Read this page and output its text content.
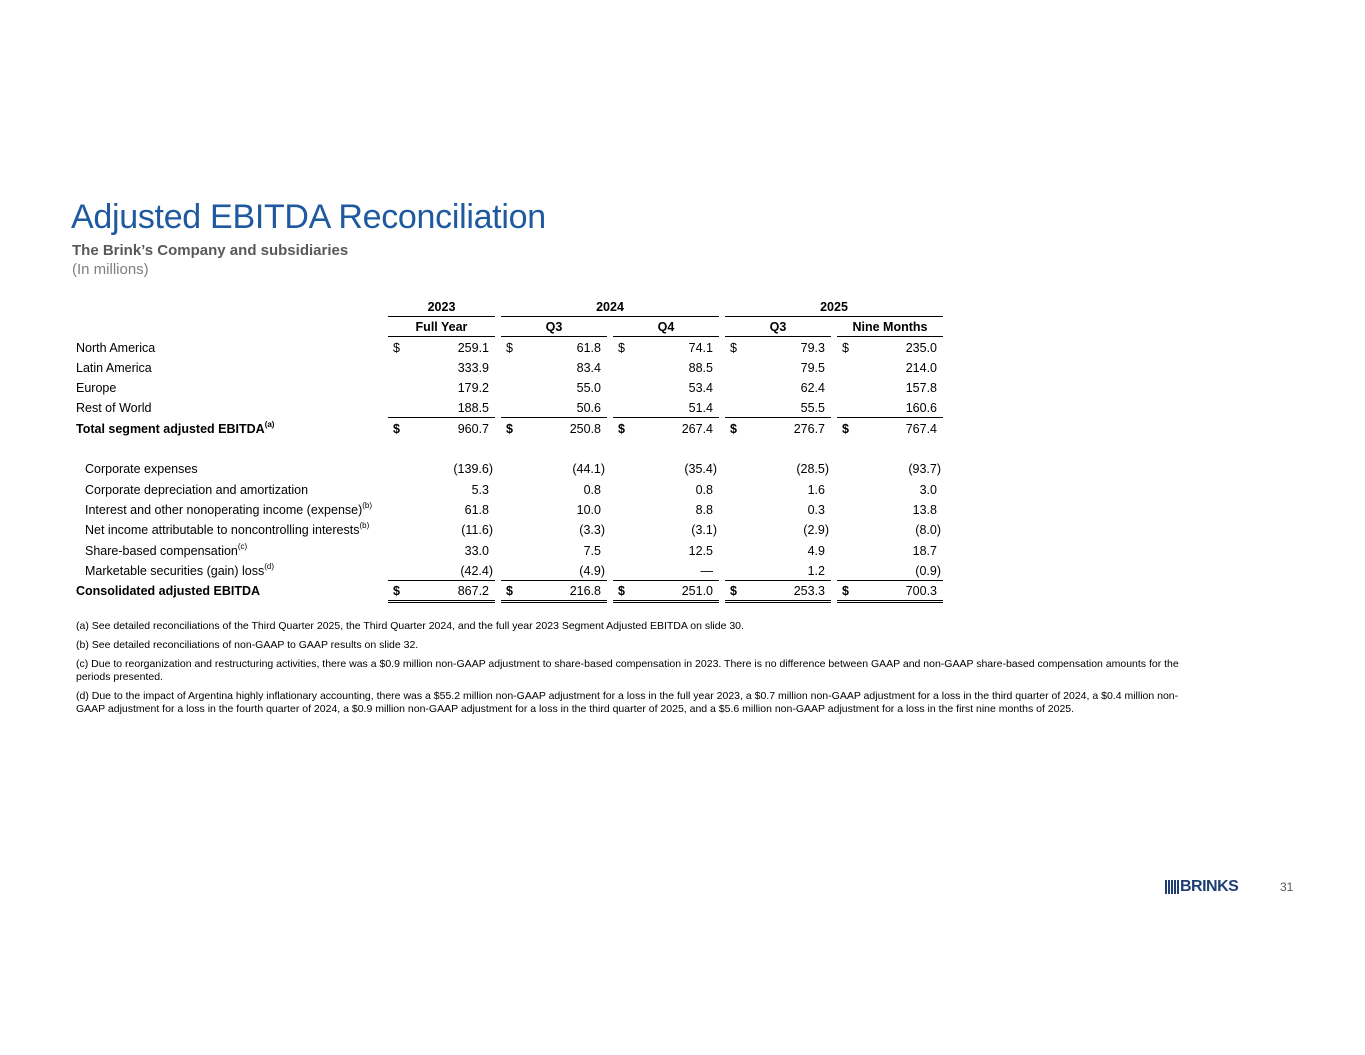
Adjusted EBITDA Reconciliation
The Brink’s Company and subsidiaries
(In millions)
2023	2024	2025
Full Year	Q3	Q4	Q3	Nine Months
North America	$	259.1 $	61.8 $	74.1 $	79.3 $	235.0
Latin America	333.9	83.4	88.5	79.5	214.0
Europe	179.2	55.0	53.4	62.4	157.8
Rest of World	188.5	50.6	51.4	55.5	160.6
Total segment adjusted EBITDA$^{(a)}$	$	960.7 $	250.8 $	267.4 $	276.7 $	767.4
Corporate expenses	(139.6)	(44.1)	(35.4)	(28.5)	(93.7)
Corporate depreciation and amortization	5.3	0.8	0.8	1.6	3.0
Interest and other nonoperating income (expense)$^{(b)}$	61.8	10.0	8.8	0.3	13.8
Net income attributable to noncontrolling interests$^{(b)}$	(11.6)	(3.3)	(3.1)	(2.9)	(8.0)
Share-based compensation$^{(c)}$	33.0	7.5	12.5	4.9	18.7
Marketable securities (gain) loss$^{(d)}$	(42.4)	(4.9)	—	1.2	(0.9)
Consolidated adjusted EBITDA	$	867.2 $	216.8 $	251.0 $	253.3 $	700.3
(a) See detailed reconciliations of the Third Quarter 2025, the Third Quarter 2024, and the full year 2023 Segment Adjusted EBITDA on slide 30.
(b) See detailed reconciliations of non-GAAP to GAAP results on slide 32.
(c) Due to reorganization and restructuring activities, there was a $0.9 million non-GAAP adjustment to share-based compensation in 2023. There is no difference between GAAP and non-GAAP share-based compensation amounts for the periods presented.
(d) Due to the impact of Argentina highly inflationary accounting, there was a $55.2 million non-GAAP adjustment for a loss in the full year 2023, a $0.7 million non-GAAP adjustment for a loss in the third quarter of 2024, a $0.4 million non-GAAP adjustment for a loss in the fourth quarter of 2024, a $0.9 million non-GAAP adjustment for a loss in the third quarter of 2025, and a $5.6 million non-GAAP adjustment for a loss in the first nine months of 2025.
BRINKS	31
